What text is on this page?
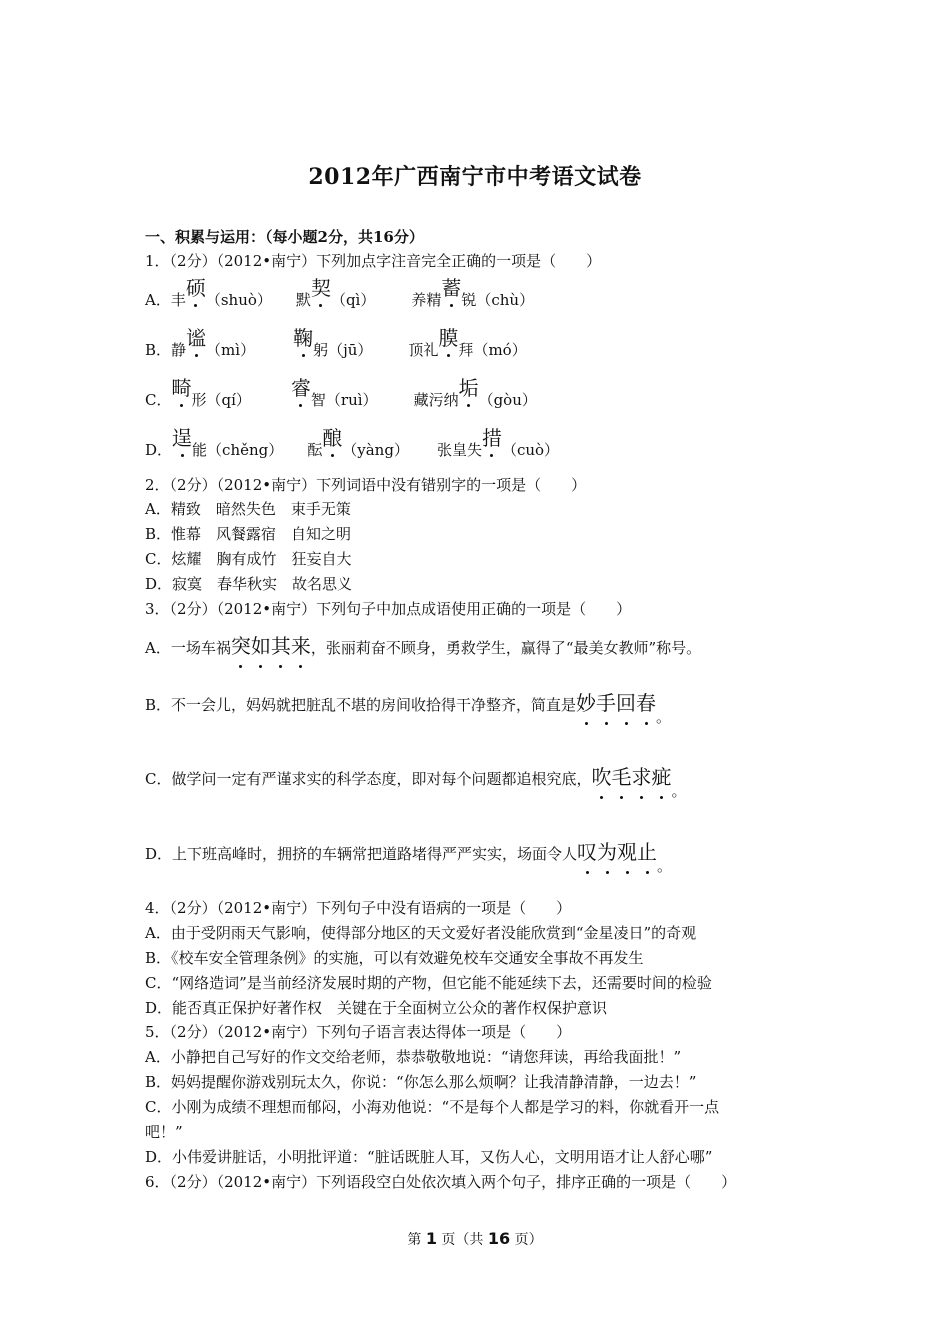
2012年广西南宁市中考语文试卷
一、积累与运用：（每小题2分，共16分）
1．（2分）（2012•南宁）下列加点字注音完全正确的一项是（　　）
A．丰硕（shuò） 默契（qì） 养精蓄锐（chù）
B．静谧（mì） 鞠躬（jū） 顶礼膜拜（mó）
C．畸形（qí） 睿智（ruì） 藏污纳垢（gòu）
D．逞能（chěng） 酝酿（yàng） 张皇失措（cuò）
2．（2分）（2012•南宁）下列词语中没有错别字的一项是（　　）
A．精致　暗然失色　束手无策
B．惟幕　风餐露宿　自知之明
C．炫耀　胸有成竹　狂妄自大
D．寂寞　春华秋实　故名思义
3．（2分）（2012•南宁）下列句子中加点成语使用正确的一项是（　　）
A．一场车祸突如其来，张丽莉奋不顾身，勇救学生，赢得了“最美女教师”称号。
B．不一会儿，妈妈就把脏乱不堪的房间收拾得干净整齐，简直是妙手回春。
C．做学问一定有严谨求实的科学态度，即对每个问题都追根究底，吹毛求疵。
D．上下班高峰时，拥挤的车辆常把道路堵得严严实实，场面令人叹为观止。
4．（2分）（2012•南宁）下列句子中没有语病的一项是（　　）
A．由于受阴雨天气影响，使得部分地区的天文爱好者没能欣赏到“金星凌日”的奇观
B．《校车安全管理条例》的实施，可以有效避免校车交通安全事故不再发生
C．“网络造词”是当前经济发展时期的产物，但它能不能延续下去，还需要时间的检验
D．能否真正保护好著作权　关键在于全面树立公众的著作权保护意识
5．（2分）（2012•南宁）下列句子语言表达得体一项是（　　）
A．小静把自己写好的作文交给老师，恭恭敬敬地说：“请您拜读，再给我面批！”
B．妈妈提醒你游戏别玩太久，你说：“你怎么那么烦啊？让我清静清静，一边去！”
C．小刚为成绩不理想而郁闷，小海劝他说：“不是每个人都是学习的料，你就看开一点
吧！”
D．小伟爱讲脏话，小明批评道：“脏话既脏人耳，又伤人心，文明用语才让人舒心哪”
6．（2分）（2012•南宁）下列语段空白处依次填入两个句子，排序正确的一项是（　　）
第 1 页（共 16 页）
